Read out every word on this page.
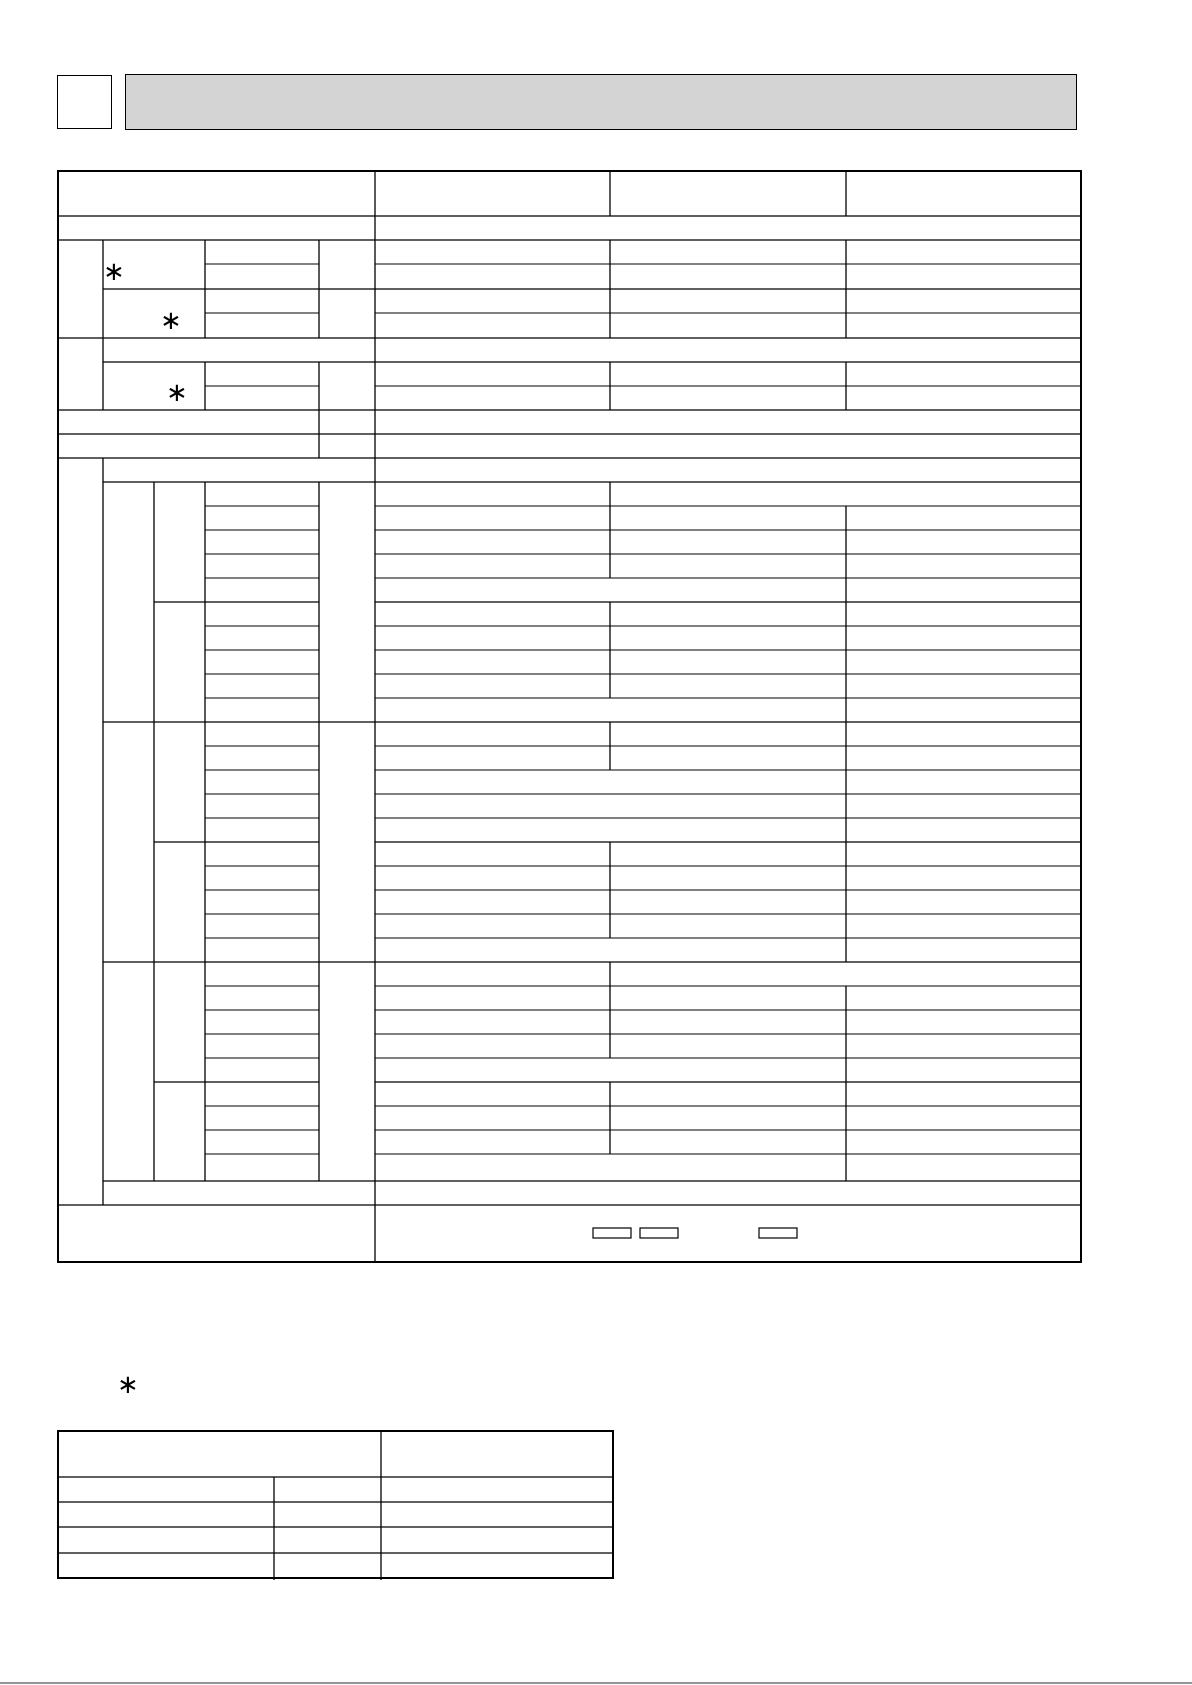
∗
∗
∗
∗
